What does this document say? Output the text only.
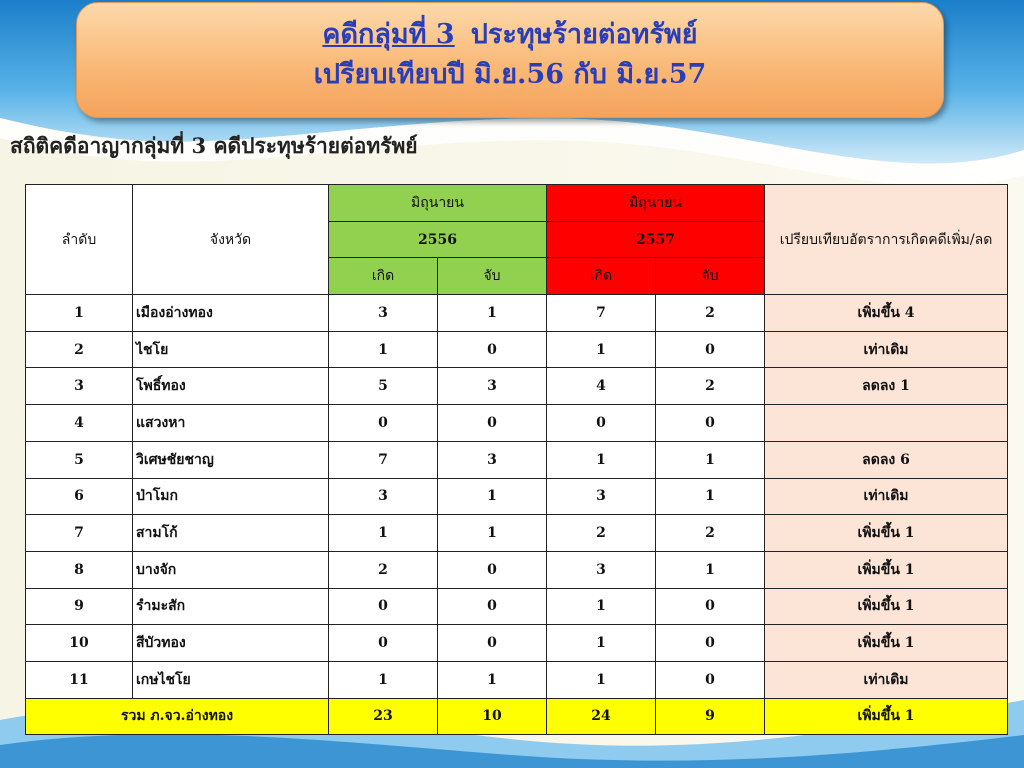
คดีกลุ่มที่ 3 ประทุษร้ายต่อทรัพย์
เปรียบเทียบปี มิ.ย.56 กับ มิ.ย.57
สถิติคดีอาญากลุ่มที่ 3 คดีประทุษร้ายต่อทรัพย์
ลำดับ	จังหวัด	มิถุนายน		มิถุนายน		เปรียบเทียบอัตราการเกิดคดีเพิ่ม/ลด
		2556		2557		
		เกิด	จับ	เกิด	จับ	
1	เมืองอ่างทอง	3	1	7	2	เพิ่มขึ้น 4
2	ไชโย	1	0	1	0	เท่าเดิม
3	โพธิ์ทอง	5	3	4	2	ลดลง 1
4	แสวงหา	0	0	0	0	
5	วิเศษชัยชาญ	7	3	1	1	ลดลง 6
6	ป่าโมก	3	1	3	1	เท่าเดิม
7	สามโก้	1	1	2	2	เพิ่มขึ้น 1
8	บางจัก	2	0	3	1	เพิ่มขึ้น 1
9	รำมะสัก	0	0	1	0	เพิ่มขึ้น 1
10	สีบัวทอง	0	0	1	0	เพิ่มขึ้น 1
11	เกษไชโย	1	1	1	0	เท่าเดิม
รวม ภ.จว.อ่างทอง		23	10	24	9	เพิ่มขึ้น 1
